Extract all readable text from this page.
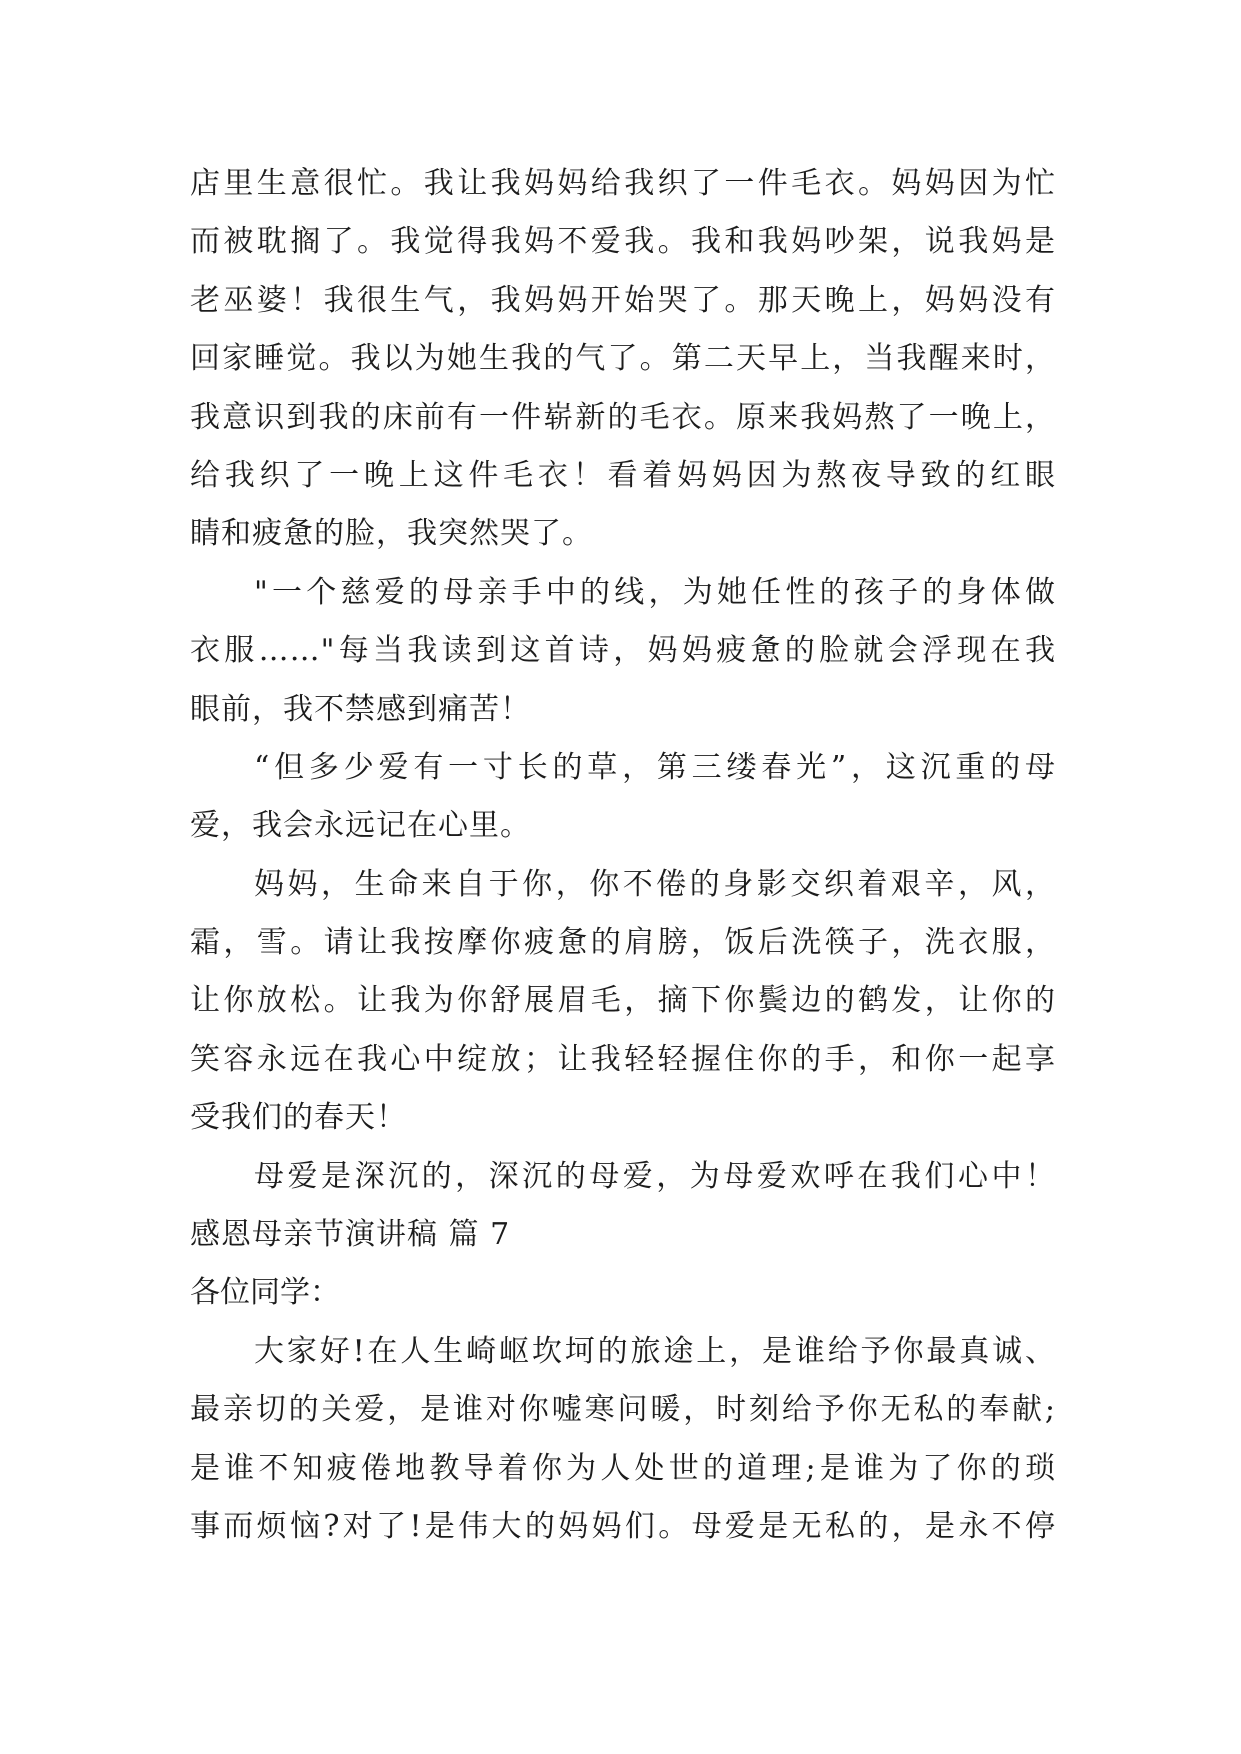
店里生意很忙。我让我妈妈给我织了一件毛衣。妈妈因为忙
而被耽搁了。我觉得我妈不爱我。我和我妈吵架，说我妈是
老巫婆！我很生气，我妈妈开始哭了。那天晚上，妈妈没有
回家睡觉。我以为她生我的气了。第二天早上，当我醒来时，
我意识到我的床前有一件崭新的毛衣。原来我妈熬了一晚上，
给我织了一晚上这件毛衣！看着妈妈因为熬夜导致的红眼
睛和疲惫的脸，我突然哭了。
"一个慈爱的母亲手中的线，为她任性的孩子的身体做
衣服……"每当我读到这首诗，妈妈疲惫的脸就会浮现在我
眼前，我不禁感到痛苦！
“但多少爱有一寸长的草，第三缕春光”，这沉重的母
爱，我会永远记在心里。
妈妈，生命来自于你，你不倦的身影交织着艰辛，风，
霜，雪。请让我按摩你疲惫的肩膀，饭后洗筷子，洗衣服，
让你放松。让我为你舒展眉毛，摘下你鬓边的鹤发，让你的
笑容永远在我心中绽放；让我轻轻握住你的手，和你一起享
受我们的春天！
母爱是深沉的，深沉的母爱，为母爱欢呼在我们心中！
感恩母亲节演讲稿 篇 7
各位同学：
大家好!在人生崎岖坎坷的旅途上，是谁给予你最真诚、
最亲切的关爱，是谁对你嘘寒问暖，时刻给予你无私的奉献;
是谁不知疲倦地教导着你为人处世的道理;是谁为了你的琐
事而烦恼?对了!是伟大的妈妈们。母爱是无私的，是永不停
